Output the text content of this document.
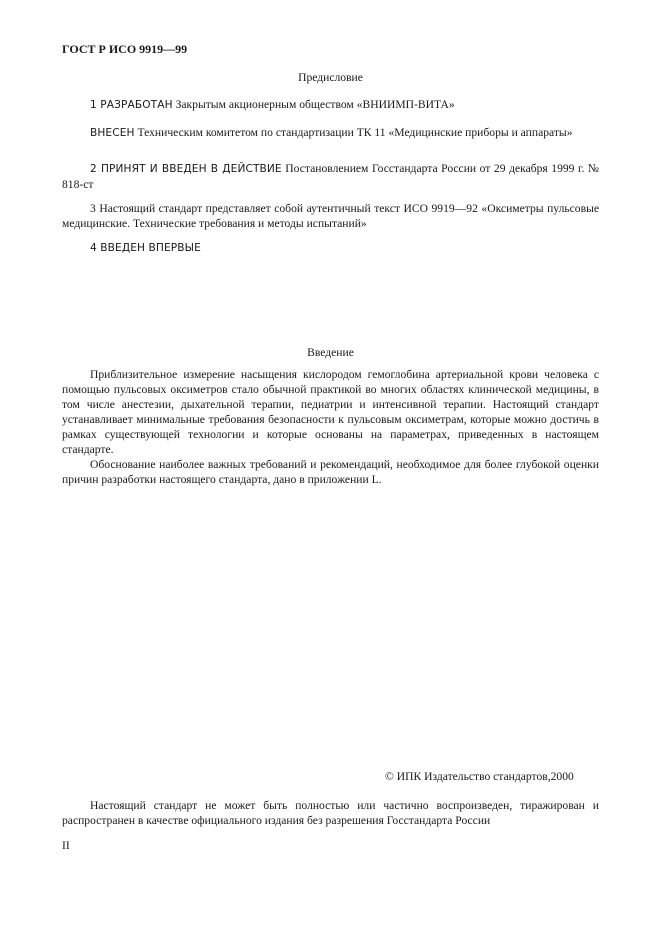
ГОСТ Р ИСО 9919—99
Предисловие
1 РАЗРАБОТАН Закрытым акционерным обществом «ВНИИМП-ВИТА»
ВНЕСЕН Техническим комитетом по стандартизации ТК 11 «Медицинские приборы и аппараты»
2 ПРИНЯТ И ВВЕДЕН В ДЕЙСТВИЕ Постановлением Госстандарта России от 29 декабря 1999 г. № 818-ст
3 Настоящий стандарт представляет собой аутентичный текст ИСО 9919—92 «Оксиметры пульсовые медицинские. Технические требования и методы испытаний»
4 ВВЕДЕН ВПЕРВЫЕ
Введение

Приблизительное измерение насыщения кислородом гемоглобина артериальной крови человека с помощью пульсовых оксиметров стало обычной практикой во многих областях клинической медицины, в том числе анестезии, дыхательной терапии, педиатрии и интенсивной терапии. Настоящий стандарт устанавливает минимальные требования безопасности к пульсовым оксиметрам, которые можно достичь в рамках существующей технологии и которые основаны на параметрах, приведенных в настоящем стандарте.

Обоснование наиболее важных требований и рекомендаций, необходимое для более глубокой оценки причин разработки настоящего стандарта, дано в приложении L.

© ИПК Издательство стандартов,2000
Настоящий стандарт не может быть полностью или частично воспроизведен, тиражирован и распространен в качестве официального издания без разрешения Госстандарта России
II
